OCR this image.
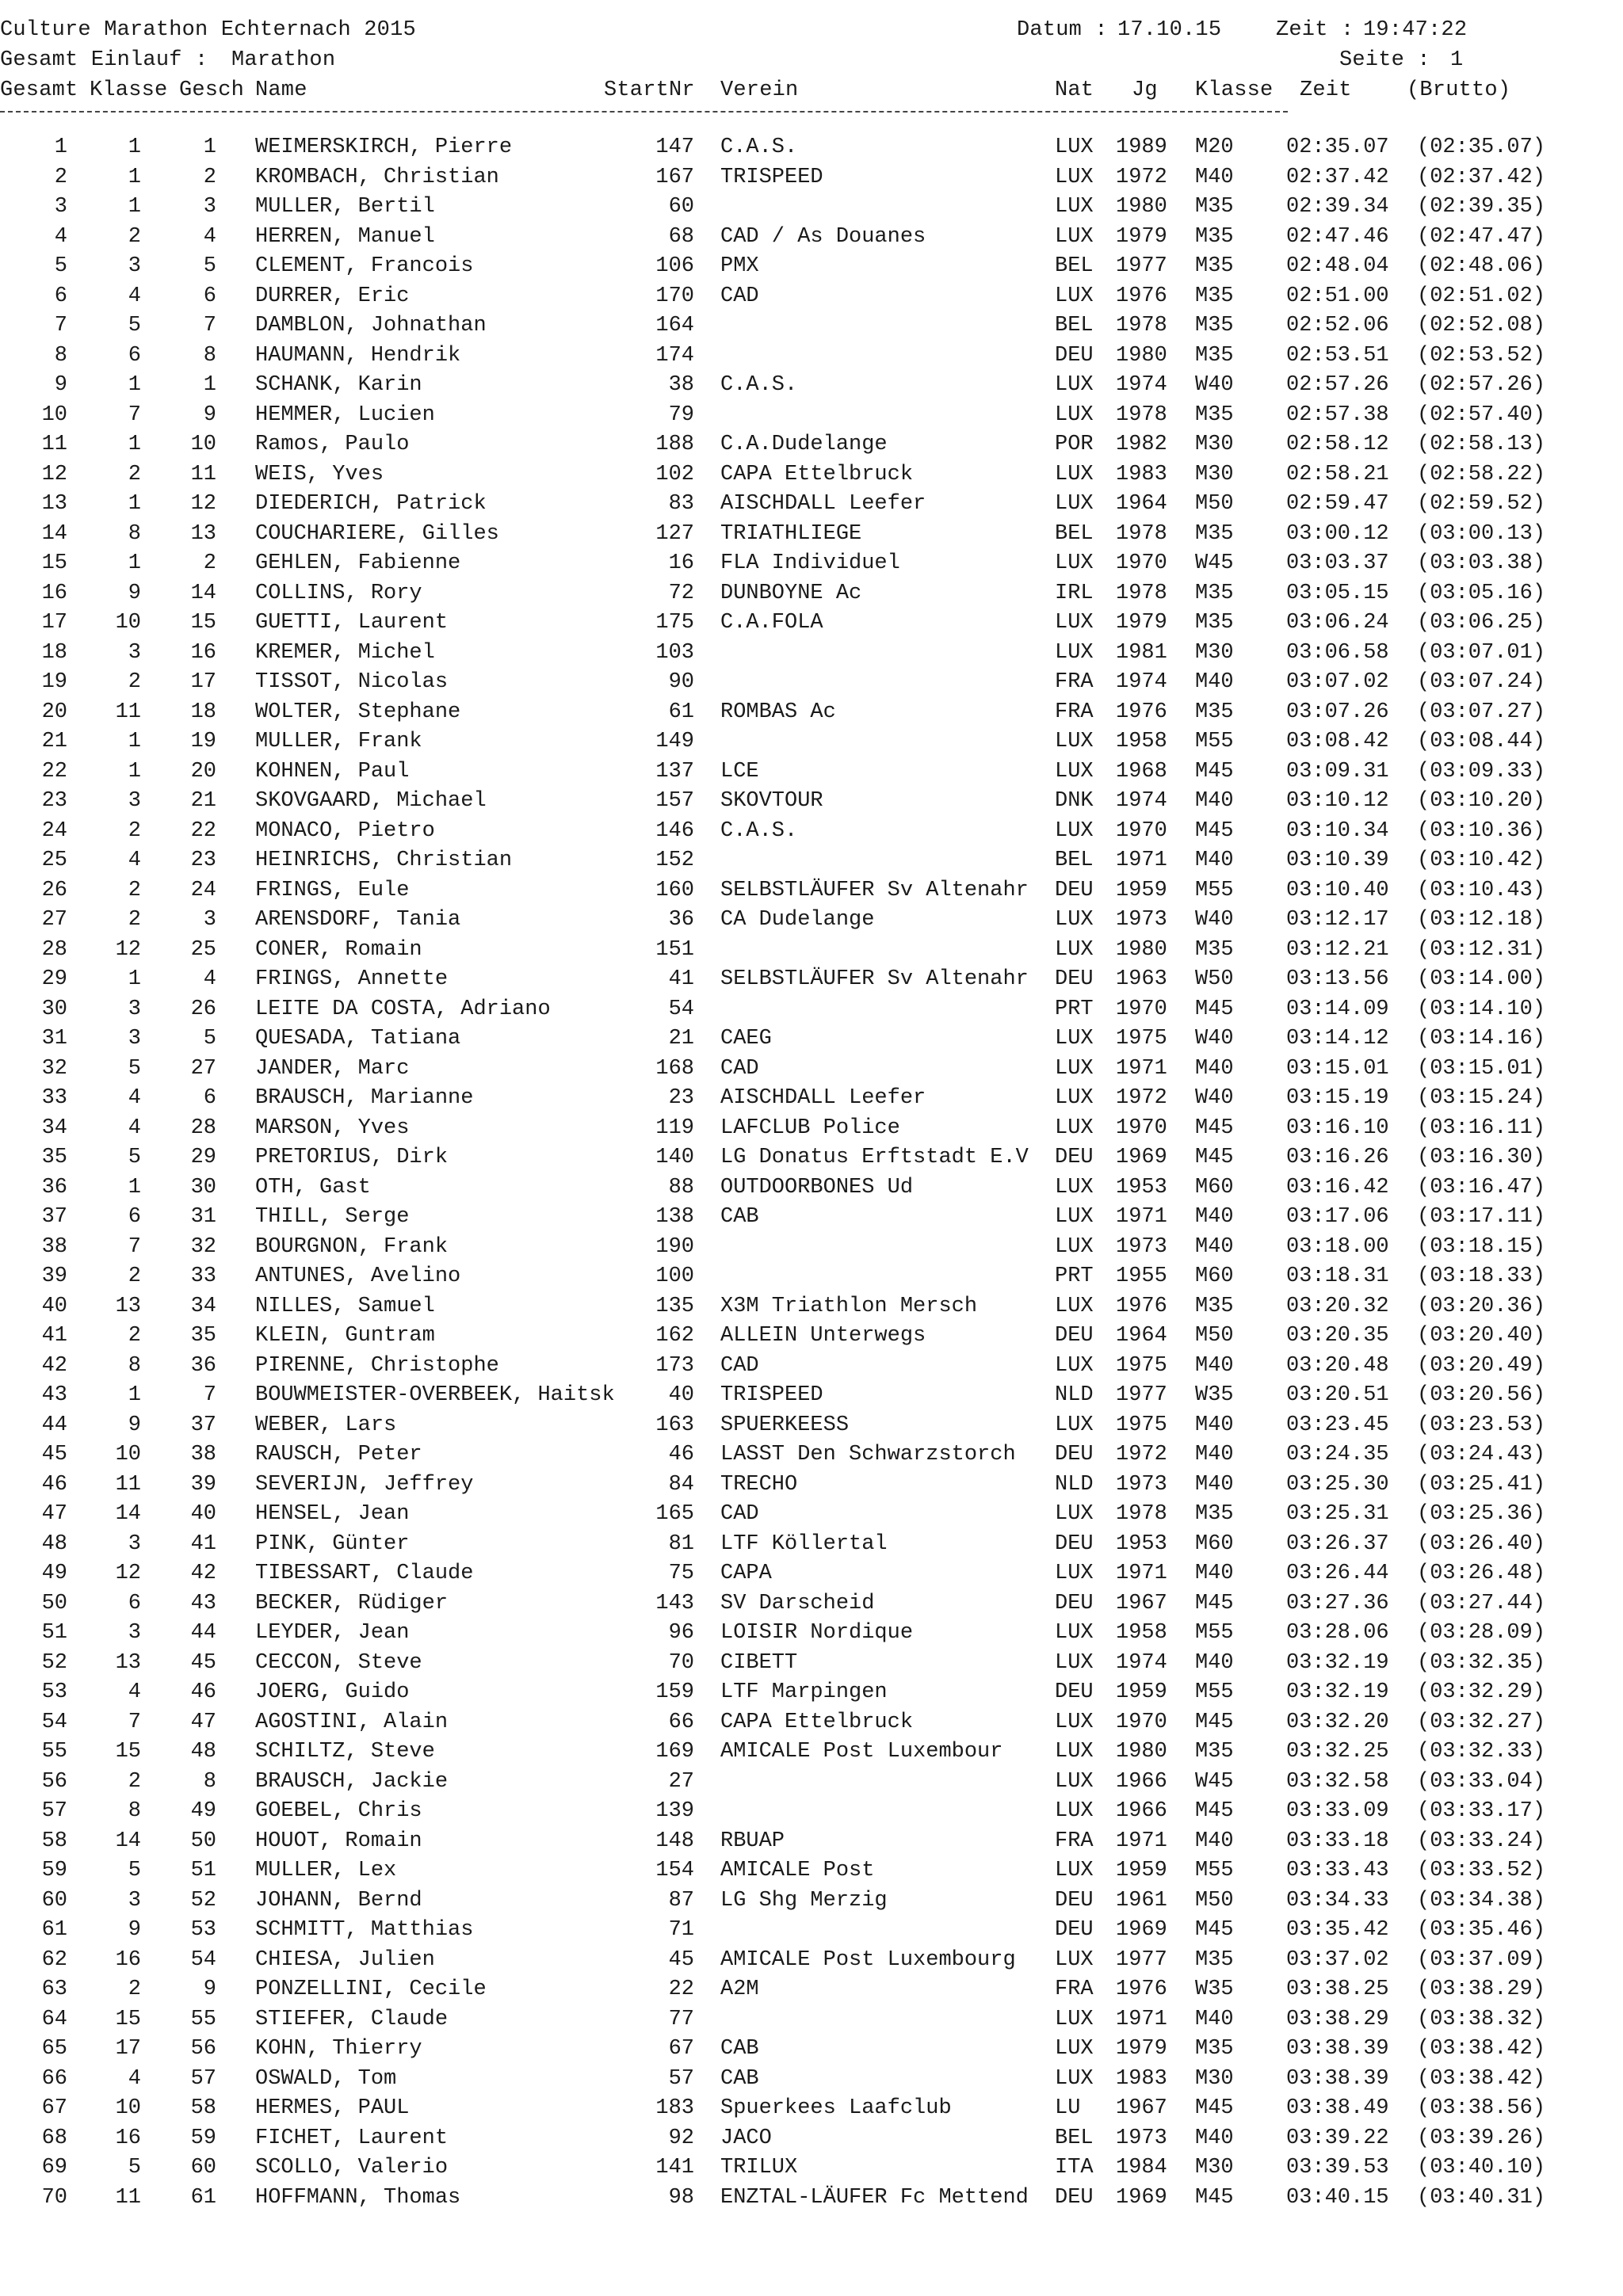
Culture Marathon Echternach 2015	Datum : 17.10.15	Zeit : 19:47:22
Gesamt Einlauf : Marathon	Seite : 1
Gesamt Klasse Gesch Name	StartNr Verein	Nat Jg Klasse Zeit	(Brutto)
1	1	1 WEIMERSKIRCH, Pierre	147 C.A.S.	LUX 1989 M20 02:35.07 (02:35.07)
2	1	2 KROMBACH, Christian	167 TRISPEED	LUX 1972 M40 02:37.42 (02:37.42)
3	1	3 MULLER, Bertil	60	LUX 1980 M35 02:39.34 (02:39.35)
4	2	4 HERREN, Manuel	68 CAD / As Douanes	LUX 1979 M35 02:47.46 (02:47.47)
5	3	5 CLEMENT, Francois	106 PMX	BEL 1977 M35 02:48.04 (02:48.06)
6	4	6 DURRER, Eric	170 CAD	LUX 1976 M35 02:51.00 (02:51.02)
7	5	7 DAMBLON, Johnathan	164	BEL 1978 M35 02:52.06 (02:52.08)
8	6	8 HAUMANN, Hendrik	174	DEU 1980 M35 02:53.51 (02:53.52)
9	1	1 SCHANK, Karin	38 C.A.S.	LUX 1974 W40 02:57.26 (02:57.26)
10	7	9 HEMMER, Lucien	79	LUX 1978 M35 02:57.38 (02:57.40)
11	1 10 Ramos, Paulo	188 C.A.Dudelange	POR 1982 M30 02:58.12 (02:58.13)
12	2 11 WEIS, Yves	102 CAPA Ettelbruck	LUX 1983 M30 02:58.21 (02:58.22)
13	1 12 DIEDERICH, Patrick	83 AISCHDALL Leefer	LUX 1964 M50 02:59.47 (02:59.52)
14	8 13 COUCHARIERE, Gilles	127 TRIATHLIEGE	BEL 1978 M35 03:00.12 (03:00.13)
15	1	2 GEHLEN, Fabienne	16 FLA Individuel	LUX 1970 W45 03:03.37 (03:03.38)
16	9 14 COLLINS, Rory	72 DUNBOYNE Ac	IRL 1978 M35 03:05.15 (03:05.16)
17 10 15 GUETTI, Laurent	175 C.A.FOLA	LUX 1979 M35 03:06.24 (03:06.25)
18	3 16 KREMER, Michel	103	LUX 1981 M30 03:06.58 (03:07.01)
19	2 17 TISSOT, Nicolas	90	FRA 1974 M40 03:07.02 (03:07.24)
20 11 18 WOLTER, Stephane	61 ROMBAS Ac	FRA 1976 M35 03:07.26 (03:07.27)
21	1 19 MULLER, Frank	149	LUX 1958 M55 03:08.42 (03:08.44)
22	1 20 KOHNEN, Paul	137 LCE	LUX 1968 M45 03:09.31 (03:09.33)
23	3 21 SKOVGAARD, Michael	157 SKOVTOUR	DNK 1974 M40 03:10.12 (03:10.20)
24	2 22 MONACO, Pietro	146 C.A.S.	LUX 1970 M45 03:10.34 (03:10.36)
25	4 23 HEINRICHS, Christian	152	BEL 1971 M40 03:10.39 (03:10.42)
26	2 24 FRINGS, Eule	160 SELBSTLÄUFER Sv Altenahr DEU 1959 M55 03:10.40 (03:10.43)
27	2	3 ARENSDORF, Tania	36 CA Dudelange	LUX 1973 W40 03:12.17 (03:12.18)
28 12 25 CONER, Romain	151	LUX 1980 M35 03:12.21 (03:12.31)
29	1	4 FRINGS, Annette	41 SELBSTLÄUFER Sv Altenahr DEU 1963 W50 03:13.56 (03:14.00)
30	3 26 LEITE DA COSTA, Adriano	54	PRT 1970 M45 03:14.09 (03:14.10)
31	3	5 QUESADA, Tatiana	21 CAEG	LUX 1975 W40 03:14.12 (03:14.16)
32	5 27 JANDER, Marc	168 CAD	LUX 1971 M40 03:15.01 (03:15.01)
33	4	6 BRAUSCH, Marianne	23 AISCHDALL Leefer	LUX 1972 W40 03:15.19 (03:15.24)
34	4 28 MARSON, Yves	119 LAFCLUB Police	LUX 1970 M45 03:16.10 (03:16.11)
35	5 29 PRETORIUS, Dirk	140 LG Donatus Erftstadt E.V DEU 1969 M45 03:16.26 (03:16.30)
36	1 30 OTH, Gast	88 OUTDOORBONES Ud	LUX 1953 M60 03:16.42 (03:16.47)
37	6 31 THILL, Serge	138 CAB	LUX 1971 M40 03:17.06 (03:17.11)
38	7 32 BOURGNON, Frank	190	LUX 1973 M40 03:18.00 (03:18.15)
39	2 33 ANTUNES, Avelino	100	PRT 1955 M60 03:18.31 (03:18.33)
40 13 34 NILLES, Samuel	135 X3M Triathlon Mersch	LUX 1976 M35 03:20.32 (03:20.36)
41	2 35 KLEIN, Guntram	162 ALLEIN Unterwegs	DEU 1964 M50 03:20.35 (03:20.40)
42	8 36 PIRENNE, Christophe	173 CAD	LUX 1975 M40 03:20.48 (03:20.49)
43	1	7 BOUWMEISTER-OVERBEEK, Haitsk	40 TRISPEED	NLD 1977 W35 03:20.51 (03:20.56)
44	9 37 WEBER, Lars	163 SPUERKEESS	LUX 1975 M40 03:23.45 (03:23.53)
45 10 38 RAUSCH, Peter	46 LASST Den Schwarzstorch DEU 1972 M40 03:24.35 (03:24.43)
46 11 39 SEVERIJN, Jeffrey	84 TRECHO	NLD 1973 M40 03:25.30 (03:25.41)
47 14 40 HENSEL, Jean	165 CAD	LUX 1978 M35 03:25.31 (03:25.36)
48	3 41 PINK, Günter	81 LTF Köllertal	DEU 1953 M60 03:26.37 (03:26.40)
49 12 42 TIBESSART, Claude	75 CAPA	LUX 1971 M40 03:26.44 (03:26.48)
50	6 43 BECKER, Rüdiger	143 SV Darscheid	DEU 1967 M45 03:27.36 (03:27.44)
51	3 44 LEYDER, Jean	96 LOISIR Nordique	LUX 1958 M55 03:28.06 (03:28.09)
52 13 45 CECCON, Steve	70 CIBETT	LUX 1974 M40 03:32.19 (03:32.35)
53	4 46 JOERG, Guido	159 LTF Marpingen	DEU 1959 M55 03:32.19 (03:32.29)
54	7 47 AGOSTINI, Alain	66 CAPA Ettelbruck	LUX 1970 M45 03:32.20 (03:32.27)
55 15 48 SCHILTZ, Steve	169 AMICALE Post Luxembour LUX 1980 M35 03:32.25 (03:32.33)
56	2	8 BRAUSCH, Jackie	27	LUX 1966 W45 03:32.58 (03:33.04)
57	8 49 GOEBEL, Chris	139	LUX 1966 M45 03:33.09 (03:33.17)
58 14 50 HOUOT, Romain	148 RBUAP	FRA 1971 M40 03:33.18 (03:33.24)
59	5 51 MULLER, Lex	154 AMICALE Post	LUX 1959 M55 03:33.43 (03:33.52)
60	3 52 JOHANN, Bernd	87 LG Shg Merzig	DEU 1961 M50 03:34.33 (03:34.38)
61	9 53 SCHMITT, Matthias	71	DEU 1969 M45 03:35.42 (03:35.46)
62 16 54 CHIESA, Julien	45 AMICALE Post Luxembourg LUX 1977 M35 03:37.02 (03:37.09)
63	2	9 PONZELLINI, Cecile	22 A2M	FRA 1976 W35 03:38.25 (03:38.29)
64 15 55 STIEFER, Claude	77	LUX 1971 M40 03:38.29 (03:38.32)
65 17 56 KOHN, Thierry	67 CAB	LUX 1979 M35 03:38.39 (03:38.42)
66	4 57 OSWALD, Tom	57 CAB	LUX 1983 M30 03:38.39 (03:38.42)
67 10 58 HERMES, PAUL	183 Spuerkees Laafclub	LU 1967 M45 03:38.49 (03:38.56)
68 16 59 FICHET, Laurent	92 JACO	BEL 1973 M40 03:39.22 (03:39.26)
69	5 60 SCOLLO, Valerio	141 TRILUX	ITA 1984 M30 03:39.53 (03:40.10)
70 11 61 HOFFMANN, Thomas	98 ENZTAL-LÄUFER Fc Mettend DEU 1969 M45 03:40.15 (03:40.31)
